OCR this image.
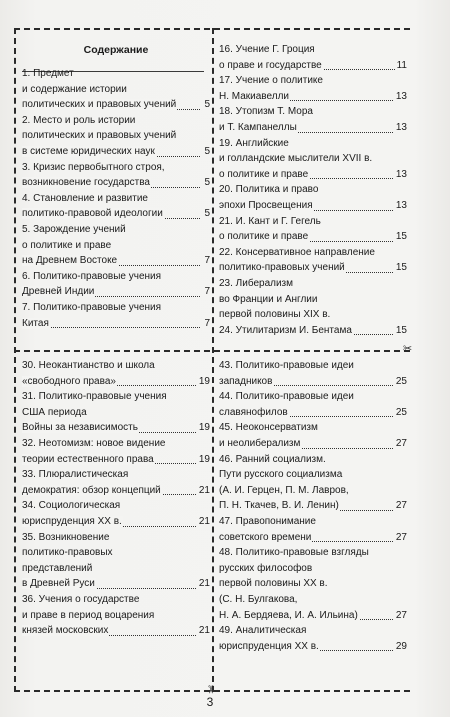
Содержание
1. Предмет
и содержание истории
политических и правовых учений	5
2. Место и роль истории
политических и правовых учений
в системе юридических наук	5
3. Кризис первобытного строя,
возникновение государства	5
4. Становление и развитие
политико-правовой идеологии	5
5. Зарождение учений
о политике и праве
на Древнем Востоке	7
6. Политико-правовые учения
Древней Индии	7
7. Политико-правовые учения
Китая	7
16. Учение Г. Гроция
о праве и государстве	11
17. Учение о политике
Н. Макиавелли	13
18. Утопизм Т. Мора
и Т. Кампанеллы	13
19. Английские
и голландские мыслители XVII в.
о политике и праве	13
20. Политика и право
эпохи Просвещения	13
21. И. Кант и Г. Гегель
о политике и праве	15
22. Консервативное направление
политико-правовых учений	15
23. Либерализм
во Франции и Англии
первой половины XIX в.
24. Утилитаризм И. Бентама	15
30. Неокантианство и школа
«свободного права»	19
31. Политико-правовые учения
США периода
Войны за независимость	19
32. Неотомизм: новое видение
теории естественного права	19
33. Плюралистическая
демократия: обзор концепций	21
34. Социологическая
юриспруденция XX в.	21
35. Возникновение
политико-правовых
представлений
в Древней Руси	21
36. Учения о государстве
и праве в период воцарения
князей московских	21
43. Политико-правовые идеи
западников	25
44. Политико-правовые идеи
славянофилов	25
45. Неоконсерватизм
и неолиберализм	27
46. Ранний социализм.
Пути русского социализма
(А. И. Герцен, П. М. Лавров,
П. Н. Ткачев, В. И. Ленин)	27
47. Правопонимание
советского времени	27
48. Политико-правовые взгляды
русских философов
первой половины XX в.
(С. Н. Булгакова,
Н. А. Бердяева, И. А. Ильина)	27
49. Аналитическая
юриспруденция XX в.	29
✂
✂
3
